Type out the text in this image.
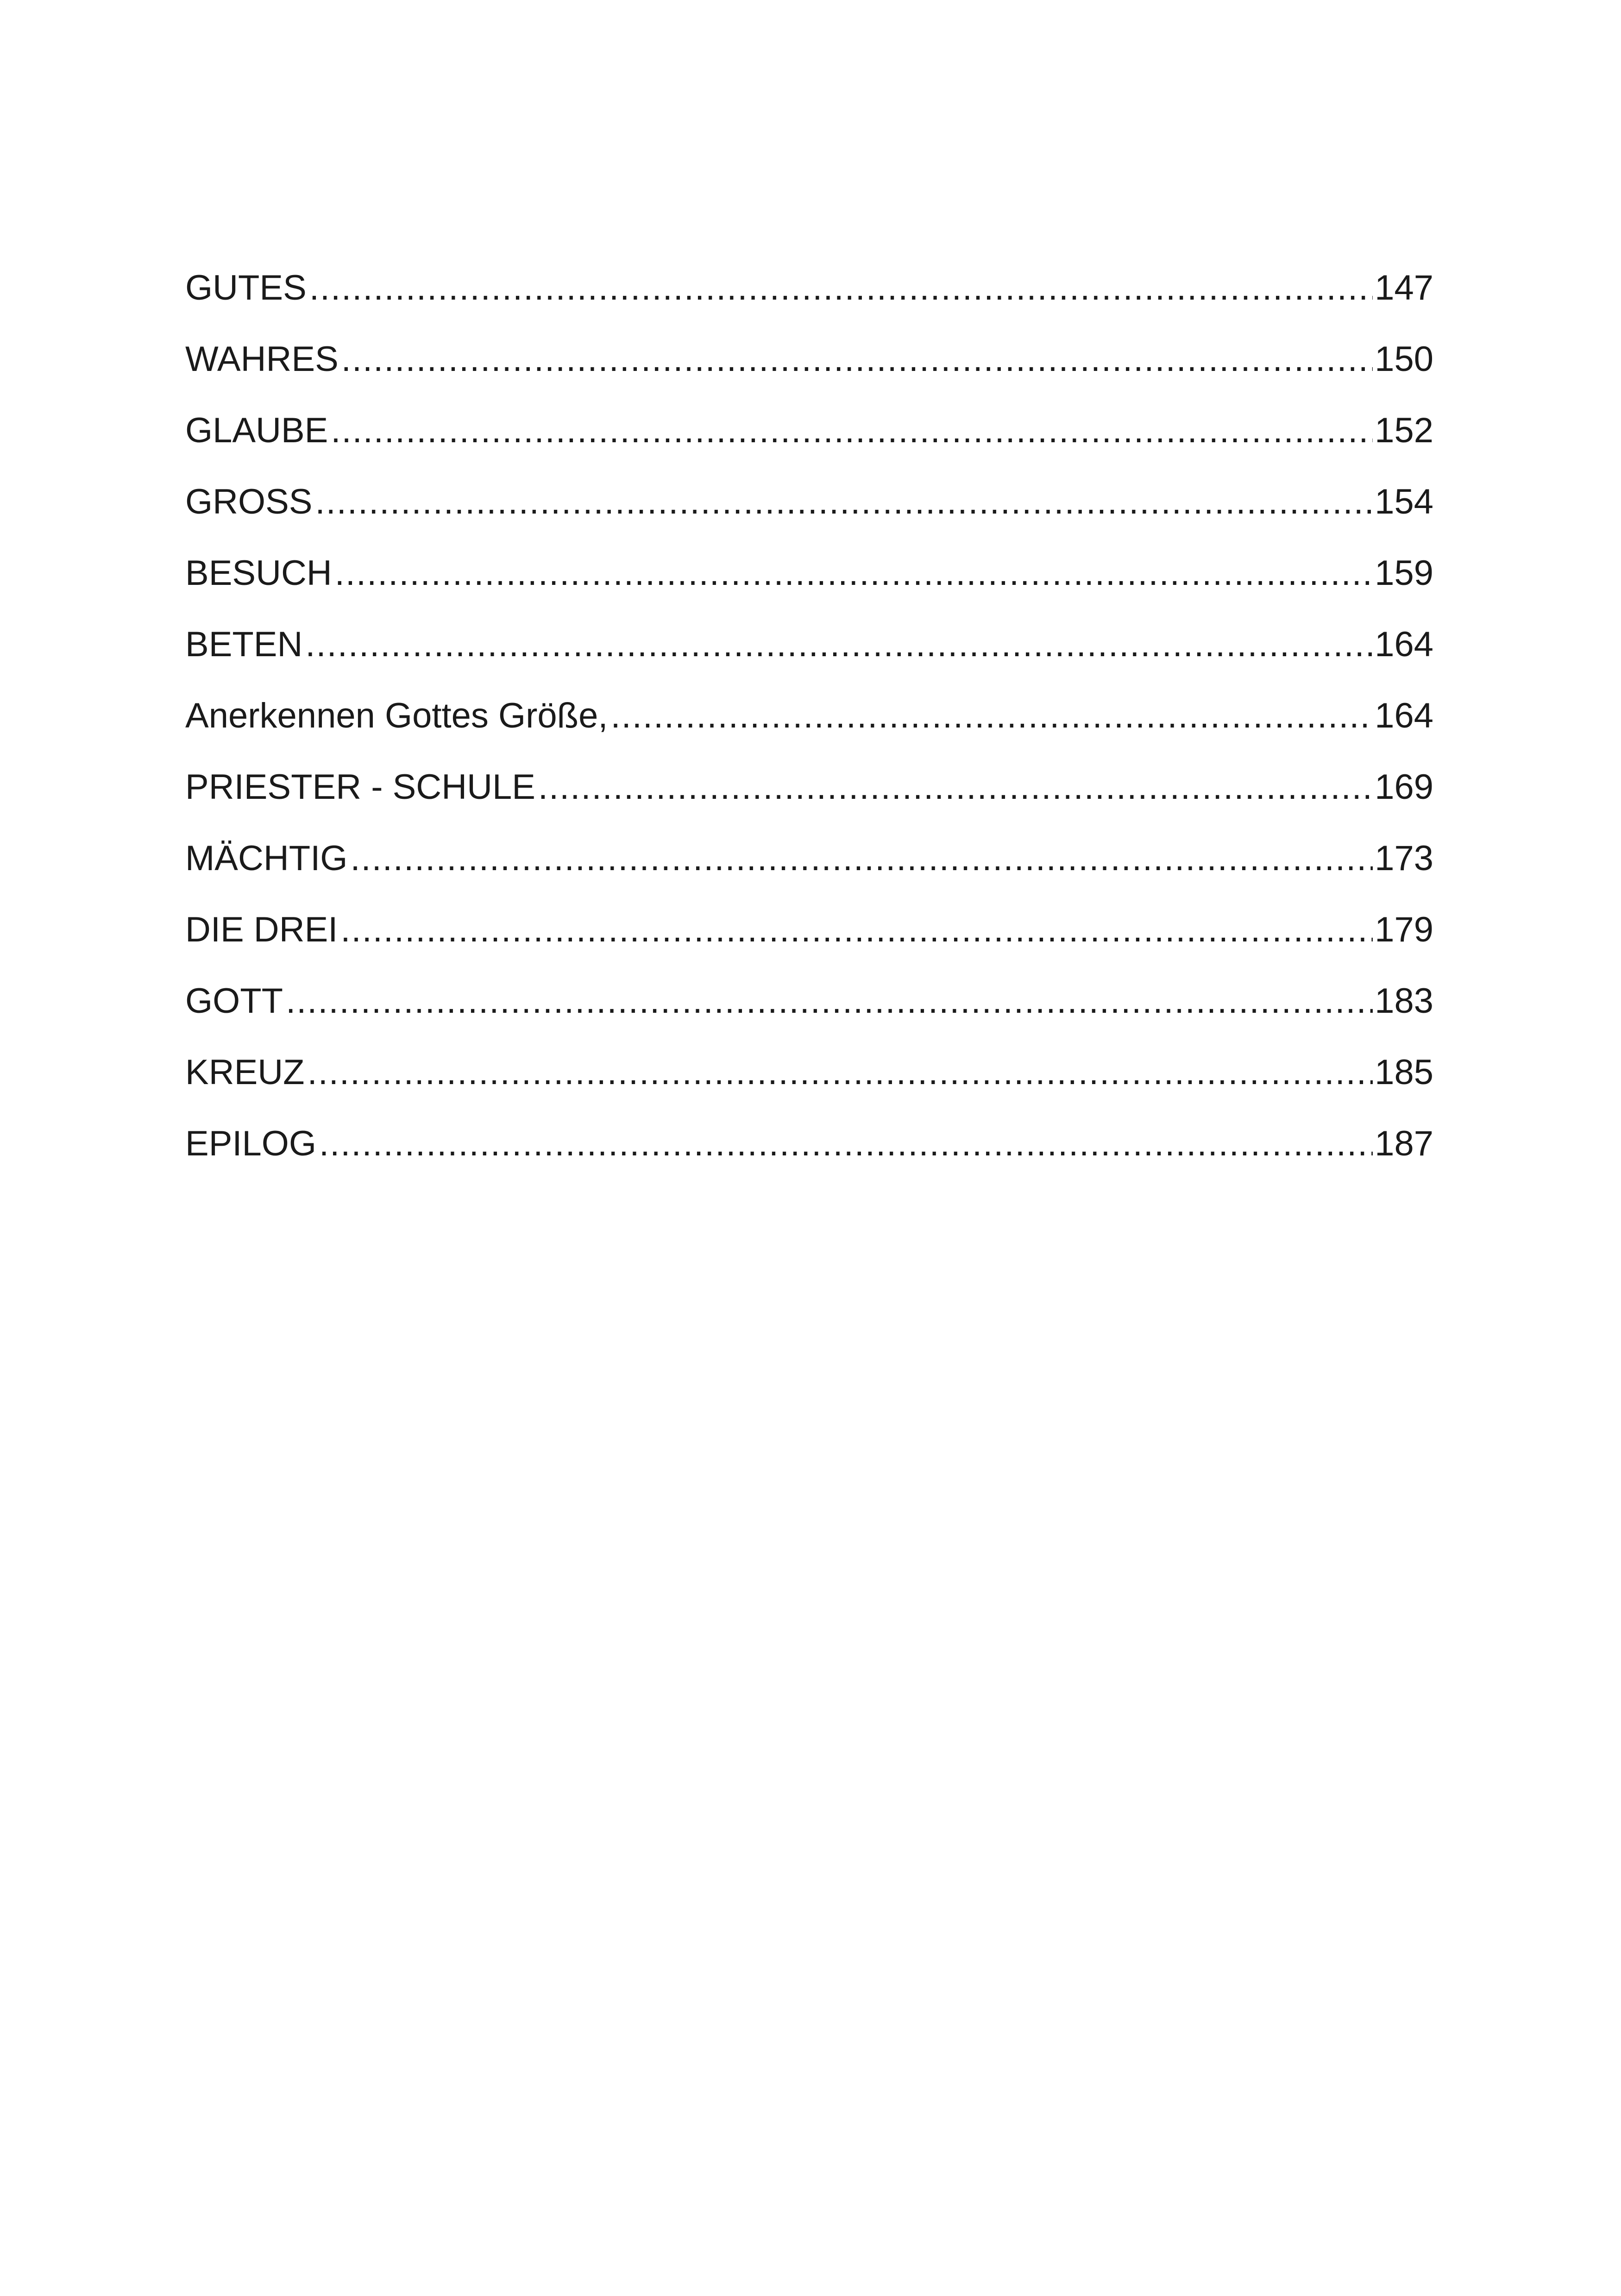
GUTES .....	147
WAHRES .....	150
GLAUBE .....	152
GROSS .....	154
BESUCH .....	159
BETEN .....	164
Anerkennen Gottes Größe, .....	164
PRIESTER - SCHULE .....	169
MÄCHTIG .....	173
DIE DREI .....	179
GOTT .....	183
KREUZ .....	185
EPILOG .....	187
